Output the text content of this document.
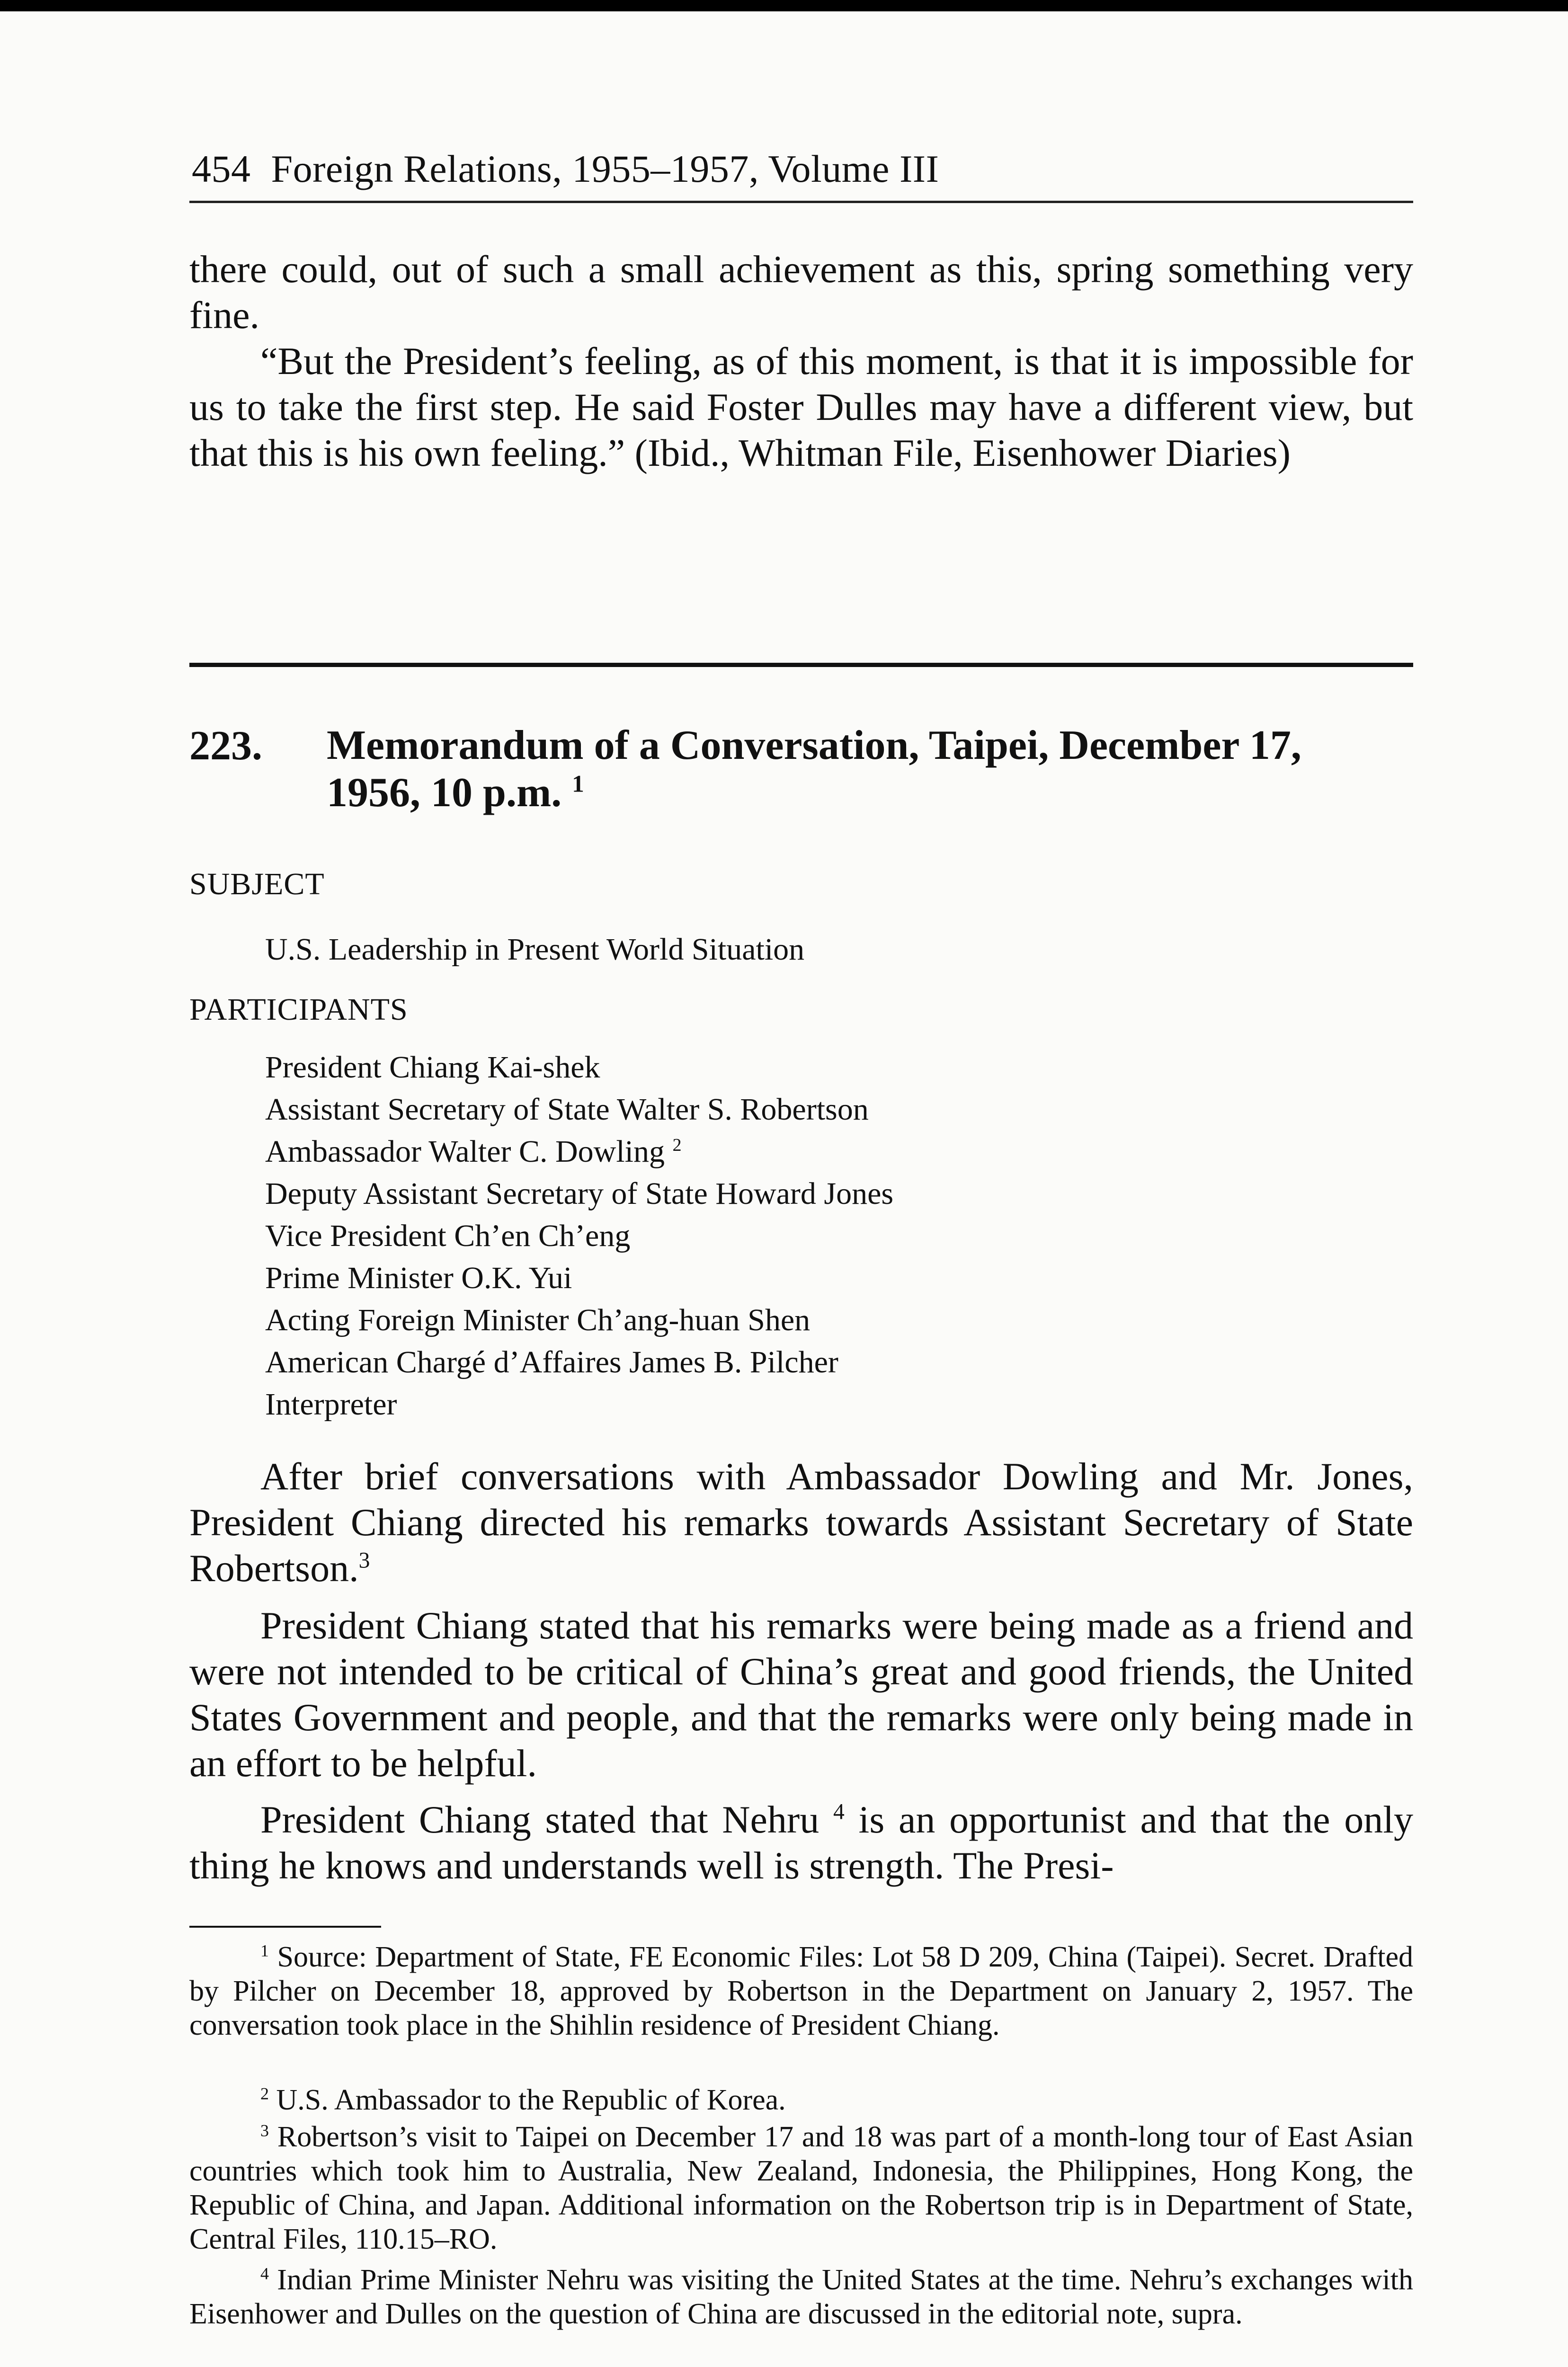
454 Foreign Relations, 1955–1957, Volume III

there could, out of such a small achievement as this, spring something very fine.

“But the President’s feeling, as of this moment, is that it is impossible for us to take the first step. He said Foster Dulles may have a different view, but that this is his own feeling.” (Ibid., Whitman File, Eisenhower Diaries)

223. Memorandum of a Conversation, Taipei, December 17, 1956, 10 p.m. $^1$
SUBJECT
U.S. Leadership in Present World Situation
PARTICIPANTS
President Chiang Kai-shek
Assistant Secretary of State Walter S. Robertson
Ambassador Walter C. Dowling $^2$
Deputy Assistant Secretary of State Howard Jones
Vice President Ch’en Ch’eng
Prime Minister O.K. Yui
Acting Foreign Minister Ch’ang-huan Shen
American Chargé d’Affaires James B. Pilcher
Interpreter

After brief conversations with Ambassador Dowling and Mr. Jones, President Chiang directed his remarks towards Assistant Secretary of State Robertson.$^3$

President Chiang stated that his remarks were being made as a friend and were not intended to be critical of China’s great and good friends, the United States Government and people, and that the remarks were only being made in an effort to be helpful.

President Chiang stated that Nehru $^4$ is an opportunist and that the only thing he knows and understands well is strength. The Presi-

$^1$ Source: Department of State, FE Economic Files: Lot 58 D 209, China (Taipei). Secret. Drafted by Pilcher on December 18, approved by Robertson in the Department on January 2, 1957. The conversation took place in the Shihlin residence of President Chiang.

$^2$ U.S. Ambassador to the Republic of Korea.

$^3$ Robertson’s visit to Taipei on December 17 and 18 was part of a month-long tour of East Asian countries which took him to Australia, New Zealand, Indonesia, the Philippines, Hong Kong, the Republic of China, and Japan. Additional information on the Robertson trip is in Department of State, Central Files, 110.15–RO.

$^4$ Indian Prime Minister Nehru was visiting the United States at the time. Nehru’s exchanges with Eisenhower and Dulles on the question of China are discussed in the editorial note, supra.
